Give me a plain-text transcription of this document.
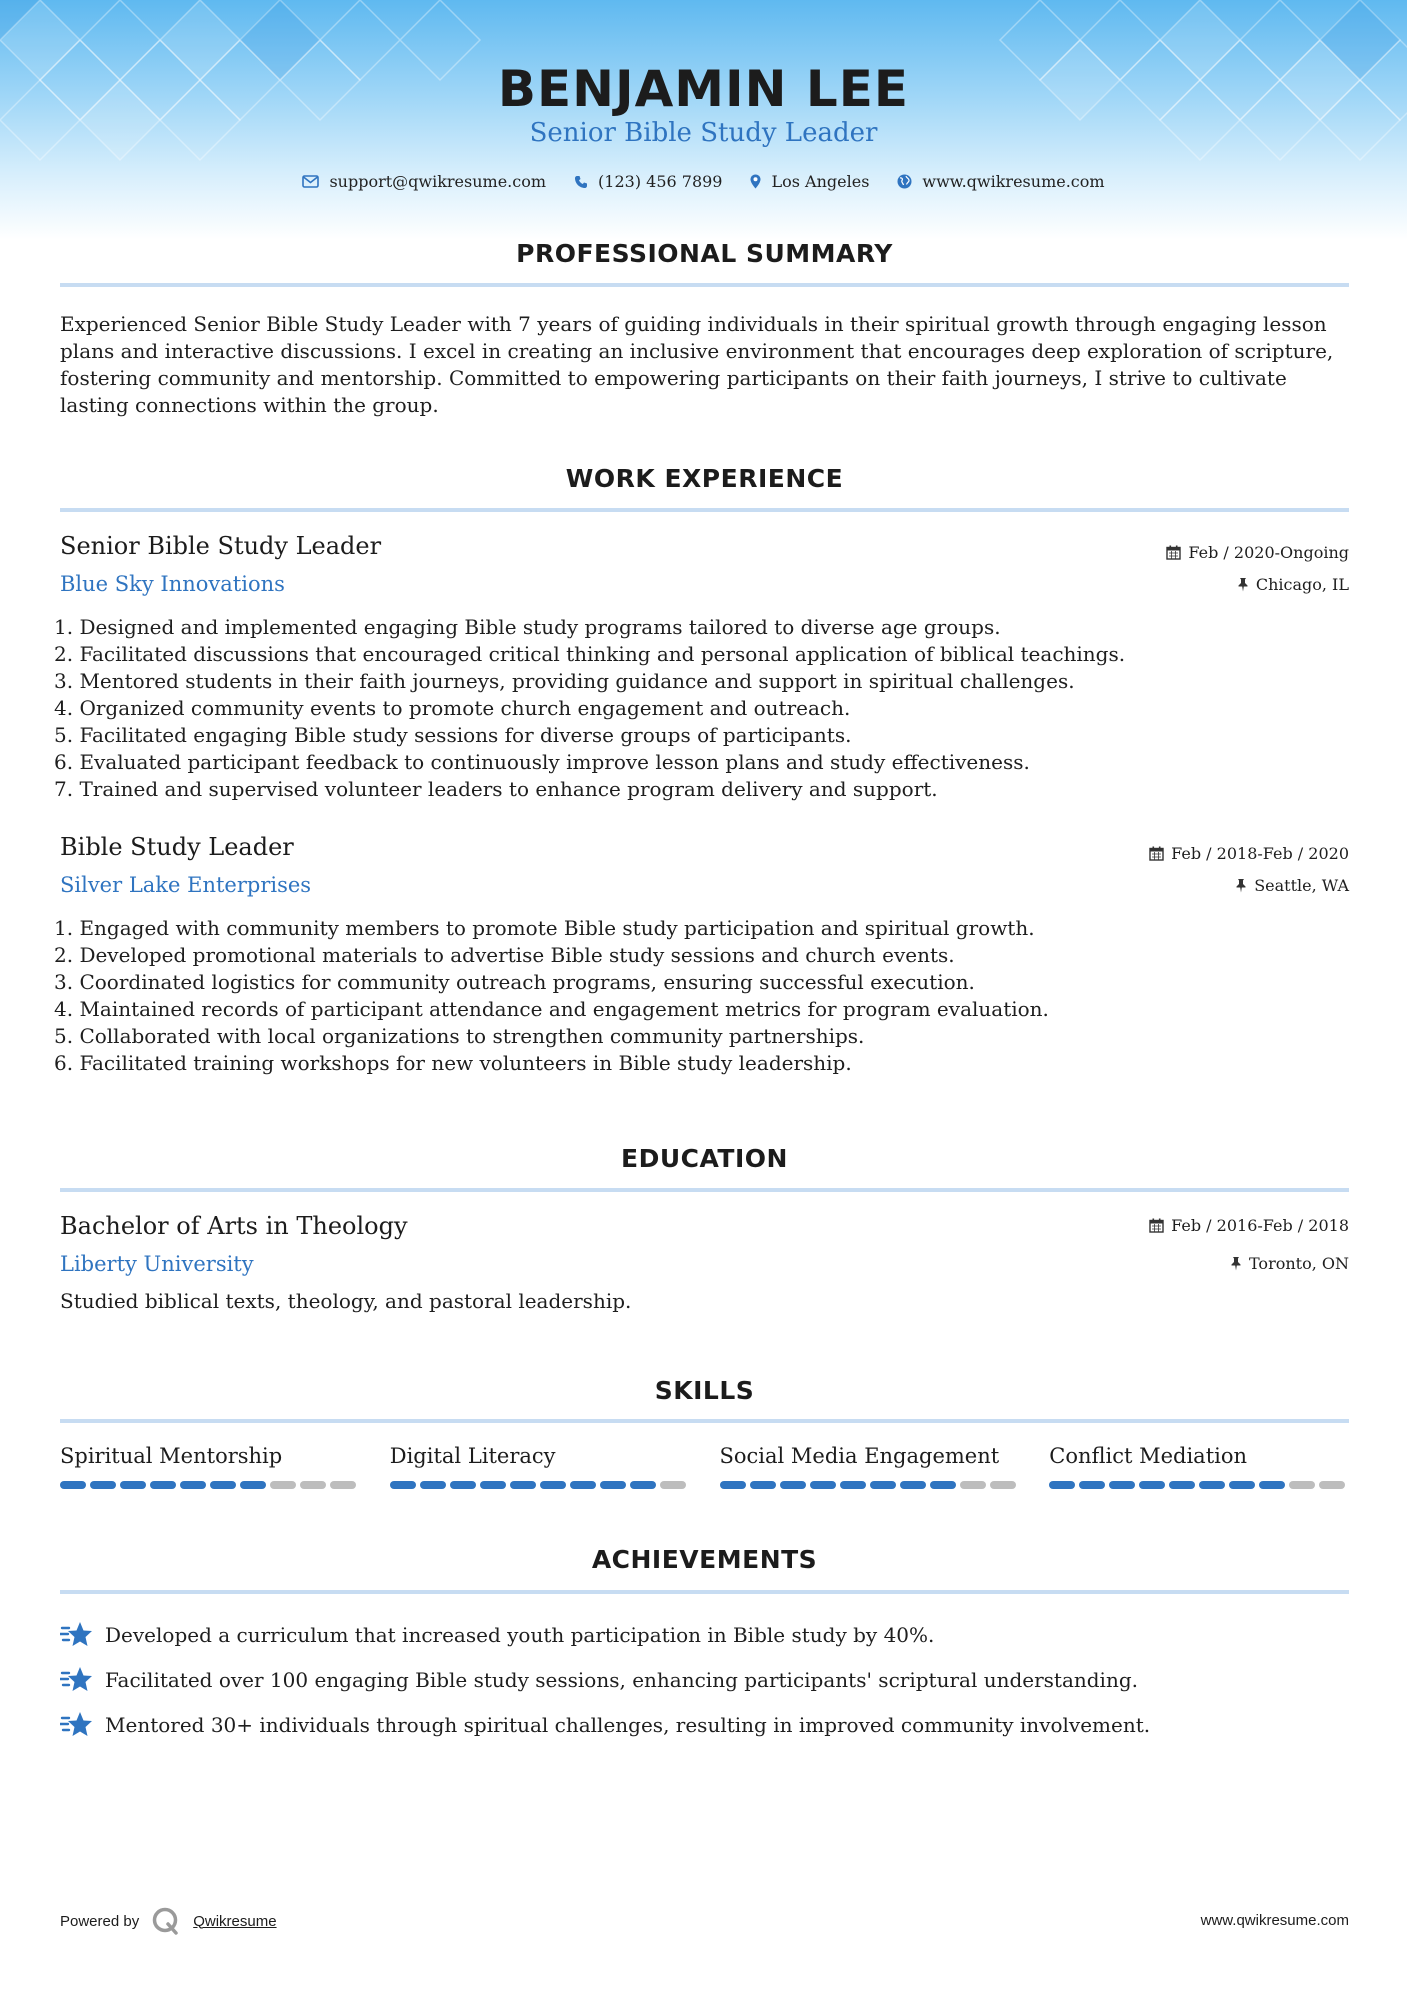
BENJAMIN LEE
Senior Bible Study Leader
support@qwikresume.com	(123) 456 7899	Los Angeles	www.qwikresume.com
PROFESSIONAL SUMMARY
Experienced Senior Bible Study Leader with 7 years of guiding individuals in their spiritual growth through engaging lesson plans and interactive discussions. I excel in creating an inclusive environment that encourages deep exploration of scripture, fostering community and mentorship. Committed to empowering participants on their faith journeys, I strive to cultivate lasting connections within the group.
WORK EXPERIENCE
Senior Bible Study Leader
Blue Sky Innovations
Feb / 2020-Ongoing
Chicago, IL
1. Designed and implemented engaging Bible study programs tailored to diverse age groups.
2. Facilitated discussions that encouraged critical thinking and personal application of biblical teachings.
3. Mentored students in their faith journeys, providing guidance and support in spiritual challenges.
4. Organized community events to promote church engagement and outreach.
5. Facilitated engaging Bible study sessions for diverse groups of participants.
6. Evaluated participant feedback to continuously improve lesson plans and study effectiveness.
7. Trained and supervised volunteer leaders to enhance program delivery and support.
Bible Study Leader
Silver Lake Enterprises
Feb / 2018-Feb / 2020
Seattle, WA
1. Engaged with community members to promote Bible study participation and spiritual growth.
2. Developed promotional materials to advertise Bible study sessions and church events.
3. Coordinated logistics for community outreach programs, ensuring successful execution.
4. Maintained records of participant attendance and engagement metrics for program evaluation.
5. Collaborated with local organizations to strengthen community partnerships.
6. Facilitated training workshops for new volunteers in Bible study leadership.
EDUCATION
Bachelor of Arts in Theology
Liberty University
Feb / 2016-Feb / 2018
Toronto, ON
Studied biblical texts, theology, and pastoral leadership.
SKILLS
Spiritual Mentorship	Digital Literacy	Social Media Engagement	Conflict Mediation
ACHIEVEMENTS
Developed a curriculum that increased youth participation in Bible study by 40%.
Facilitated over 100 engaging Bible study sessions, enhancing participants' scriptural understanding.
Mentored 30+ individuals through spiritual challenges, resulting in improved community involvement.
Powered by	Qwikresume	www.qwikresume.com
